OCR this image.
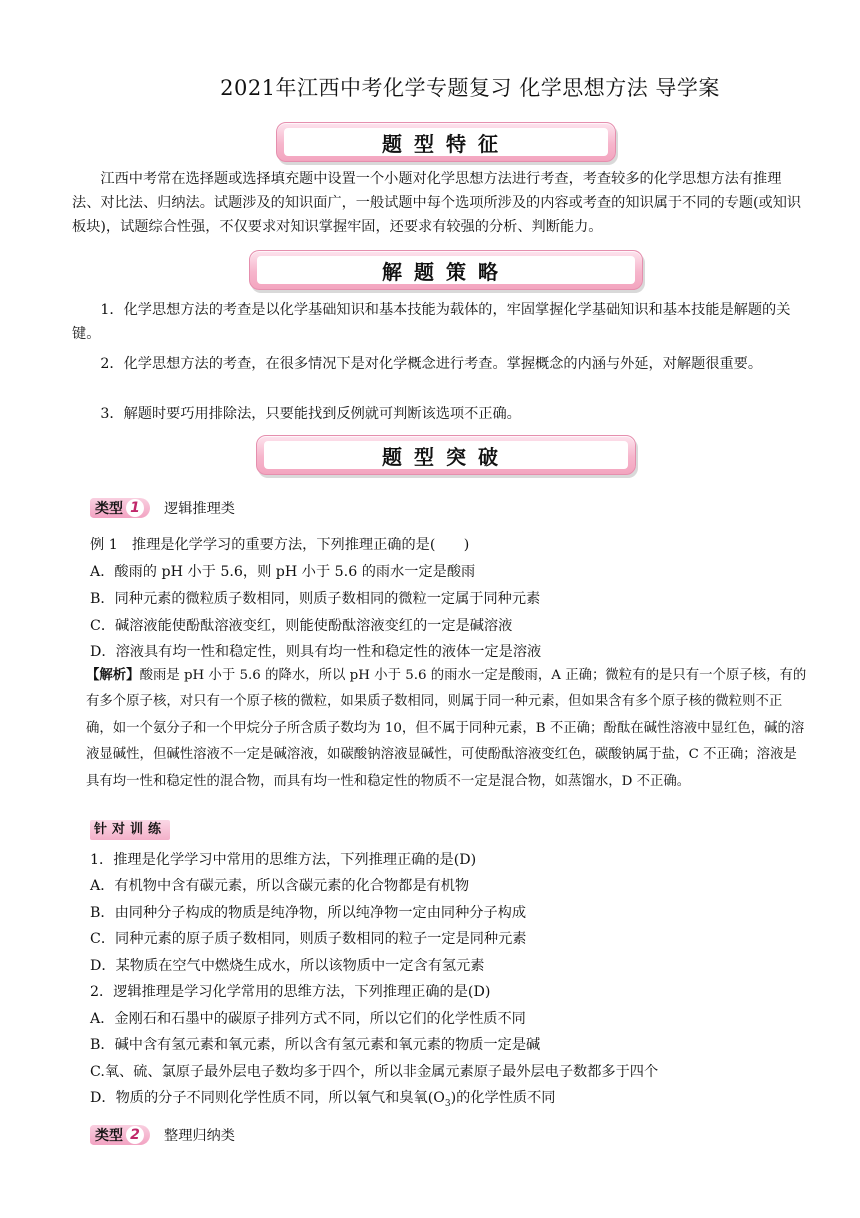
2021年江西中考化学专题复习 化学思想方法 导学案
题型特征
江西中考常在选择题或选择填充题中设置一个小题对化学思想方法进行考查，考查较多的化学思想方法有推理法、对比法、归纳法。试题涉及的知识面广，一般试题中每个选项所涉及的内容或考查的知识属于不同的专题(或知识板块)，试题综合性强，不仅要求对知识掌握牢固，还要求有较强的分析、判断能力。
解题策略
1．化学思想方法的考查是以化学基础知识和基本技能为载体的，牢固掌握化学基础知识和基本技能是解题的关键。
2．化学思想方法的考查，在很多情况下是对化学概念进行考查。掌握概念的内涵与外延，对解题很重要。
3．解题时要巧用排除法，只要能找到反例就可判断该选项不正确。
题型突破
类型 1 逻辑推理类
例 1　推理是化学学习的重要方法，下列推理正确的是(　　)
A．酸雨的 pH 小于 5.6，则 pH 小于 5.6 的雨水一定是酸雨
B．同种元素的微粒质子数相同，则质子数相同的微粒一定属于同种元素
C．碱溶液能使酚酞溶液变红，则能使酚酞溶液变红的一定是碱溶液
D．溶液具有均一性和稳定性，则具有均一性和稳定性的液体一定是溶液
【解析】酸雨是 pH 小于 5.6 的降水，所以 pH 小于 5.6 的雨水一定是酸雨，A 正确；微粒有的是只有一个原子核，有的有多个原子核，对只有一个原子核的微粒，如果质子数相同，则属于同一种元素，但如果含有多个原子核的微粒则不正确，如一个氨分子和一个甲烷分子所含质子数均为 10，但不属于同种元素，B 不正确；酚酞在碱性溶液中显红色，碱的溶液显碱性，但碱性溶液不一定是碱溶液，如碳酸钠溶液显碱性，可使酚酞溶液变红色，碳酸钠属于盐，C 不正确；溶液是具有均一性和稳定性的混合物，而具有均一性和稳定性的物质不一定是混合物，如蒸馏水，D 不正确。
针对训练
1．推理是化学学习中常用的思维方法，下列推理正确的是(D)
A．有机物中含有碳元素，所以含碳元素的化合物都是有机物
B．由同种分子构成的物质是纯净物，所以纯净物一定由同种分子构成
C．同种元素的原子质子数相同，则质子数相同的粒子一定是同种元素
D．某物质在空气中燃烧生成水，所以该物质中一定含有氢元素
2．逻辑推理是学习化学常用的思维方法，下列推理正确的是(D)
A．金刚石和石墨中的碳原子排列方式不同，所以它们的化学性质不同
B．碱中含有氢元素和氧元素，所以含有氢元素和氧元素的物质一定是碱
C.氧、硫、氯原子最外层电子数均多于四个，所以非金属元素原子最外层电子数都多于四个
D．物质的分子不同则化学性质不同，所以氧气和臭氧$(O_3)$的化学性质不同
类型 2 整理归纳类
